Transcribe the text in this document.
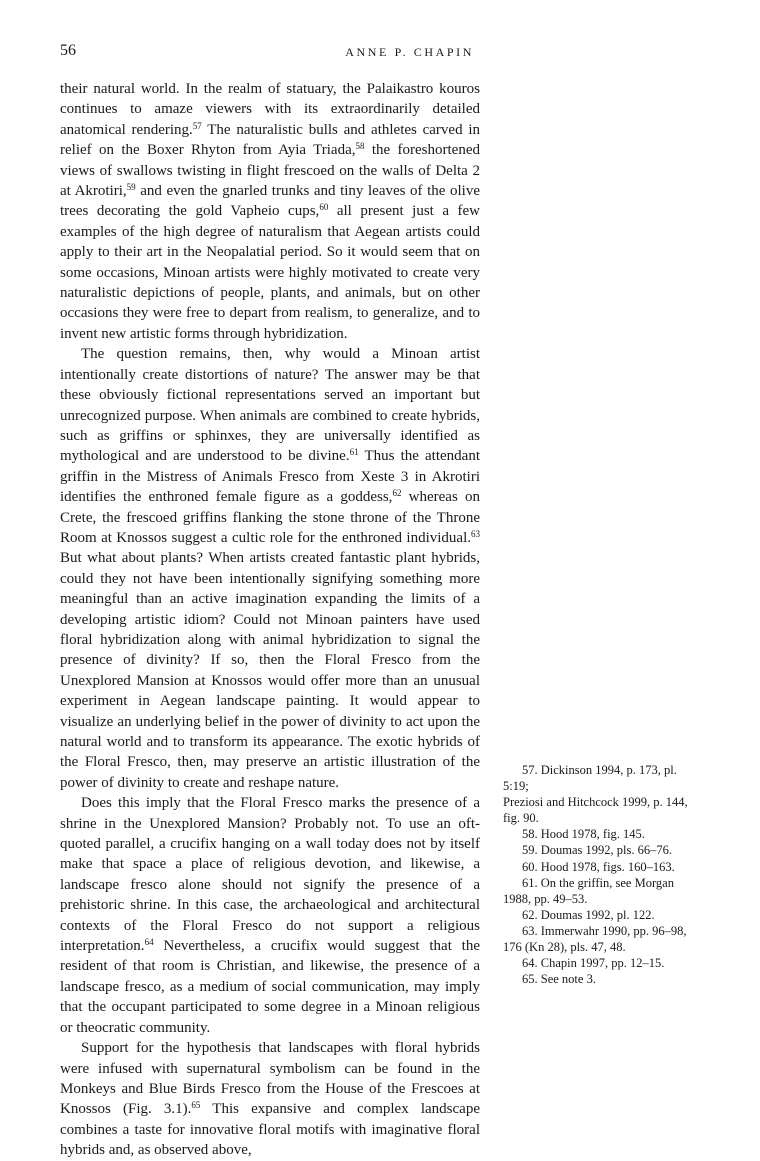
56	ANNE P. CHAPIN

their natural world. In the realm of statuary, the Palaikastro kouros continues to amaze viewers with its extraordinarily detailed anatomical rendering.$^{57}$ The naturalistic bulls and athletes carved in relief on the Boxer Rhyton from Ayia Triada,$^{58}$ the foreshortened views of swallows twisting in flight frescoed on the walls of Delta 2 at Akrotiri,$^{59}$ and even the gnarled trunks and tiny leaves of the olive trees decorating the gold Vapheio cups,$^{60}$ all present just a few examples of the high degree of naturalism that Aegean artists could apply to their art in the Neopalatial period. So it would seem that on some occasions, Minoan artists were highly motivated to create very naturalistic depictions of people, plants, and animals, but on other occasions they were free to depart from realism, to generalize, and to invent new artistic forms through hybridization.

The question remains, then, why would a Minoan artist intentionally create distortions of nature? The answer may be that these obviously fictional representations served an important but unrecognized purpose. When animals are combined to create hybrids, such as griffins or sphinxes, they are universally identified as mythological and are understood to be divine.$^{61}$ Thus the attendant griffin in the Mistress of Animals Fresco from Xeste 3 in Akrotiri identifies the enthroned female figure as a goddess,$^{62}$ whereas on Crete, the frescoed griffins flanking the stone throne of the Throne Room at Knossos suggest a cultic role for the enthroned individual.$^{63}$ But what about plants? When artists created fantastic plant hybrids, could they not have been intentionally signifying something more meaningful than an active imagination expanding the limits of a developing artistic idiom? Could not Minoan painters have used floral hybridization along with animal hybridization to signal the presence of divinity? If so, then the Floral Fresco from the Unexplored Mansion at Knossos would offer more than an unusual experiment in Aegean landscape painting. It would appear to visualize an underlying belief in the power of divinity to act upon the natural world and to transform its appearance. The exotic hybrids of the Floral Fresco, then, may preserve an artistic illustration of the power of divinity to create and reshape nature.

Does this imply that the Floral Fresco marks the presence of a shrine in the Unexplored Mansion? Probably not. To use an oft-quoted parallel, a crucifix hanging on a wall today does not by itself make that space a place of religious devotion, and likewise, a landscape fresco alone should not signify the presence of a prehistoric shrine. In this case, the archaeological and architectural contexts of the Floral Fresco do not support a religious interpretation.$^{64}$ Nevertheless, a crucifix would suggest that the resident of that room is Christian, and likewise, the presence of a landscape fresco, as a medium of social communication, may imply that the occupant participated to some degree in a Minoan religious or theocratic community.

Support for the hypothesis that landscapes with floral hybrids were infused with supernatural symbolism can be found in the Monkeys and Blue Birds Fresco from the House of the Frescoes at Knossos (Fig. 3.1).$^{65}$ This expansive and complex landscape combines a taste for innovative floral motifs with imaginative floral hybrids and, as observed above,

57. Dickinson 1994, p. 173, pl. 5:19;
Preziosi and Hitchcock 1999, p. 144, fig. 90.
58. Hood 1978, fig. 145.
59. Doumas 1992, pls. 66–76.
60. Hood 1978, figs. 160–163.
61. On the griffin, see Morgan 1988, pp. 49–53.
62. Doumas 1992, pl. 122.
63. Immerwahr 1990, pp. 96–98, 176 (Kn 28), pls. 47, 48.
64. Chapin 1997, pp. 12–15.
65. See note 3.
